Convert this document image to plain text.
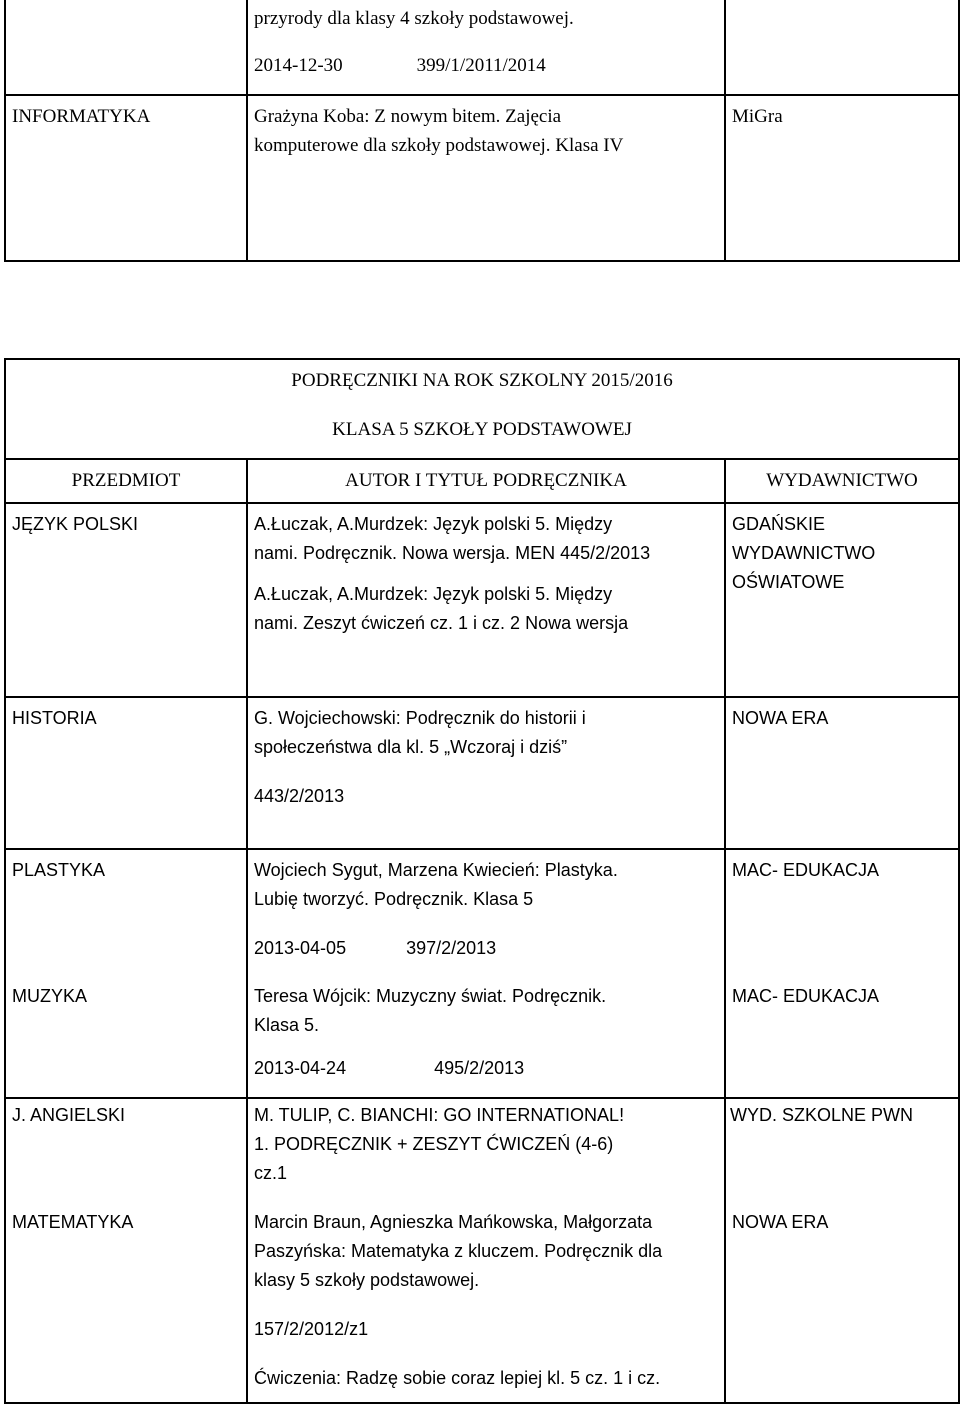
	przyrody dla klasy 4 szkoły podstawowej.
2014-12-30 399/1/2011/2014	

INFORMATYKA	Grażyna Koba: Z nowym bitem. Zajęcia
komputerowe dla szkoły podstawowej. Klasa IV	MiGra
PODRĘCZNIKI NA ROK SZKOLNY 2015/2016
KLASA 5 SZKOŁY PODSTAWOWEJ		

PRZEDMIOT	AUTOR I TYTUŁ PODRĘCZNIKA	WYDAWNICTWO

JĘZYK POLSKI	A.Łuczak, A.Murdzek: Język polski 5. Między
nami. Podręcznik. Nowa wersja. MEN 445/2/2013
A.Łuczak, A.Murdzek: Język polski 5. Między
nami. Zeszyt ćwiczeń cz. 1 i cz. 2 Nowa wersja	GDAŃSKIE
WYDAWNICTWO
OŚWIATOWE

HISTORIA	G. Wojciechowski: Podręcznik do historii i
społeczeństwa dla kl. 5 „Wczoraj i dziś”
443/2/2013	NOWA ERA

PLASTYKA	Wojciech Sygut, Marzena Kwiecień: Plastyka.
Lubię tworzyć. Podręcznik. Klasa 5
2013-04-05 397/2/2013	MAC- EDUKACJA

MUZYKA	Teresa Wójcik: Muzyczny świat. Podręcznik.
Klasa 5.
2013-04-24 495/2/2013	MAC- EDUKACJA

J. ANGIELSKI	M. TULIP, C. BIANCHI: GO INTERNATIONAL!
1. PODRĘCZNIK + ZESZYT ĆWICZEŃ (4-6)
cz.1	WYD. SZKOLNE PWN

MATEMATYKA	Marcin Braun, Agnieszka Mańkowska, Małgorzata
Paszyńska: Matematyka z kluczem. Podręcznik dla
klasy 5 szkoły podstawowej.
157/2/2012/z1
Ćwiczenia: Radzę sobie coraz lepiej kl. 5 cz. 1 i cz.	NOWA ERA
